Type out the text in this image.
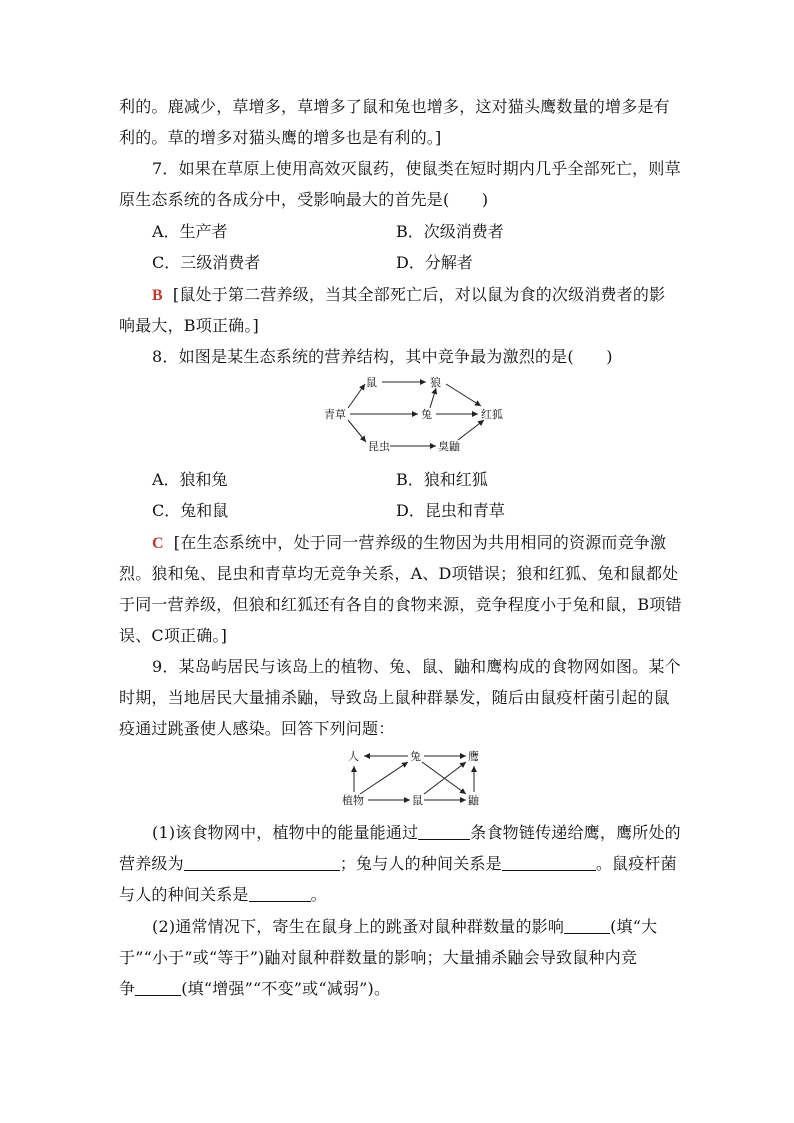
利的。鹿减少，草增多，草增多了鼠和兔也增多，这对猫头鹰数量的增多是有
利的。草的增多对猫头鹰的增多也是有利的。]
7．如果在草原上使用高效灭鼠药，使鼠类在短时期内几乎全部死亡，则草
原生态系统的各成分中，受影响最大的首先是(　　)
A．生产者	B．次级消费者
C．三级消费者	D．分解者
B [鼠处于第二营养级，当其全部死亡后，对以鼠为食的次级消费者的影
响最大，B项正确。]
8．如图是某生态系统的营养结构，其中竞争最为激烈的是(　　)
鼠	狼
青草	兔	红狐
昆虫	臭鼬
A．狼和兔	B．狼和红狐
C．兔和鼠	D．昆虫和青草
C [在生态系统中，处于同一营养级的生物因为共用相同的资源而竞争激
烈。狼和兔、昆虫和青草均无竞争关系，A、D项错误；狼和红狐、兔和鼠都处
于同一营养级，但狼和红狐还有各自的食物来源，竞争程度小于兔和鼠，B项错
误、C项正确。]
9．某岛屿居民与该岛上的植物、兔、鼠、鼬和鹰构成的食物网如图。某个
时期，当地居民大量捕杀鼬，导致岛上鼠种群暴发，随后由鼠疫杆菌引起的鼠
疫通过跳蚤使人感染。回答下列问题：
人	兔	鹰
植物	鼠	鼬
(1)该食物网中，植物中的能量能通过	条食物链传递给鹰，鹰所处的
营养级为	；兔与人的种间关系是	。鼠疫杆菌
与人的种间关系是	。
(2)通常情况下，寄生在鼠身上的跳蚤对鼠种群数量的影响	(填“大
于”“小于”或“等于”)鼬对鼠种群数量的影响；大量捕杀鼬会导致鼠种内竞
争	(填“增强”“不变”或“减弱”)。
